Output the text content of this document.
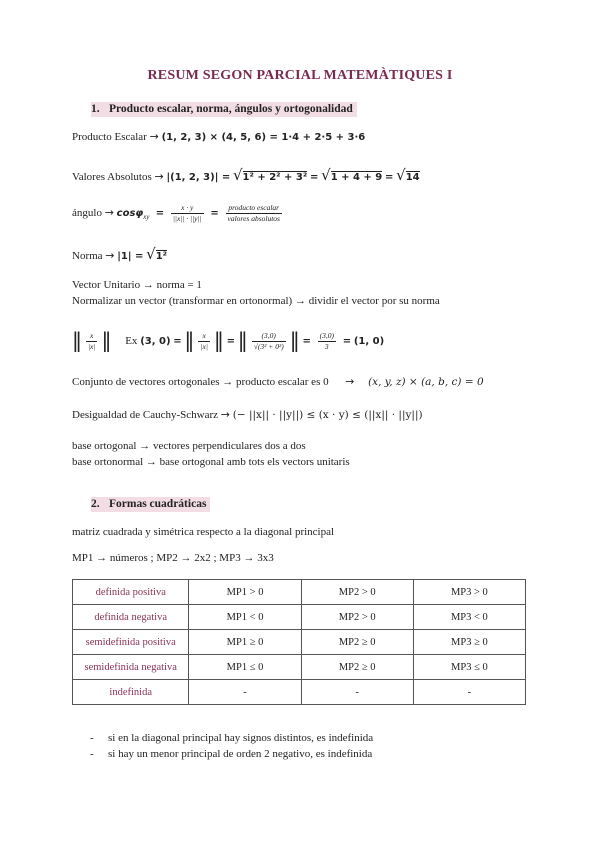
RESUM SEGON PARCIAL MATEMÀTIQUES I
1. Producto escalar, norma, ángulos y ortogonalidad
Producto Escalar → (1, 2, 3) × (4, 5, 6) = 1·4 + 2·5 + 3·6
Valores Absolutos → |(1, 2, 3)| = √1² + 2² + 3² = √1 + 4 + 9 = √14
ángulo → $\cos\varphi_{xy} = \frac{x \cdot y}{||x|| \cdot ||y||} = \frac{\text{producto escalar}}{\text{valores absolutos}}$
Norma → |1| = √1²
Vector Unitario → norma = 1
Normalizar un vector (transformar en ortonormal) → dividir el vector por su norma
‖ $\frac{x}{|x|}$ ‖ Ex (3, 0) = ‖ $\frac{x}{|x|}$ ‖ = ‖ $\frac{(3,0)}{\text{√(3² + 0²)}}$ ‖ = $\frac{(3,0)}{3} = (1$, 0)
Conjunto de vectores ortogonales → producto escalar es 0 → (x, y, z) × (a, b, c) = 0
Desigualdad de Cauchy-Schwarz → (− ||x|| · ||y||) ≤ (x · y) ≤ (||x|| · ||y||)
base ortogonal → vectores perpendiculares dos a dos
base ortonormal → base ortogonal amb tots els vectors unitaris
2. Formas cuadráticas
matriz cuadrada y simétrica respecto a la diagonal principal
MP1 → números ; MP2 → 2x2 ; MP3 → 3x3
definida positiva	MP1 > 0	MP2 > 0	MP3 > 0
definida negativa	MP1 < 0	MP2 > 0	MP3 < 0
semidefinida positiva	MP1 ≥ 0	MP2 ≥ 0	MP3 ≥ 0
semidefinida negativa	MP1 ≤ 0	MP2 ≥ 0	MP3 ≤ 0
indefinida	-	-	-
- si en la diagonal principal hay signos distintos, es indefinida
- si hay un menor principal de orden 2 negativo, es indefinida
